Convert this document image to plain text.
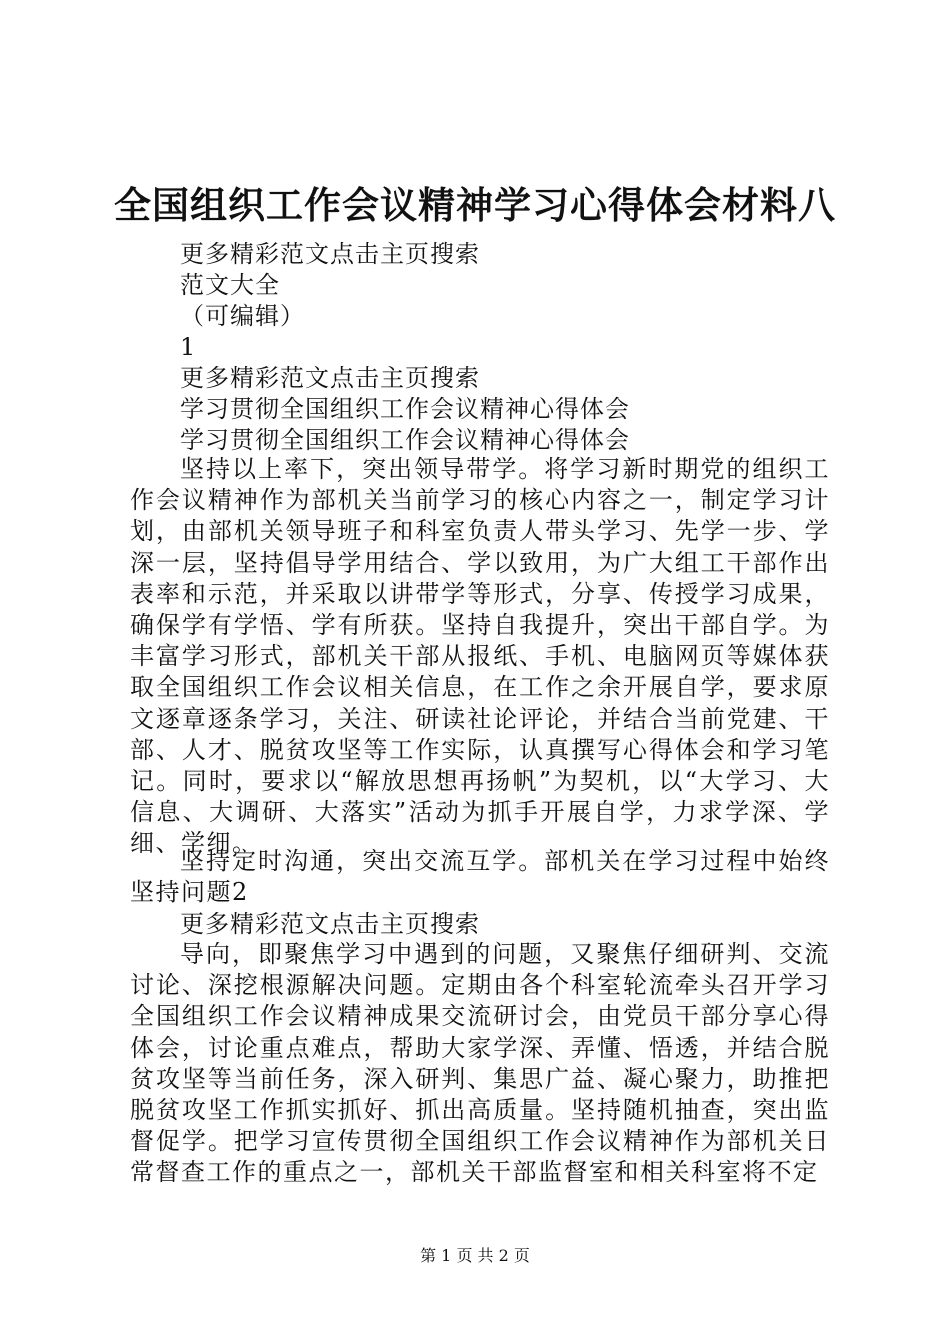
全国组织工作会议精神学习心得体会材料八

更多精彩范文点击主页搜索

范文大全

（可编辑）

1

更多精彩范文点击主页搜索

学习贯彻全国组织工作会议精神心得体会

学习贯彻全国组织工作会议精神心得体会

坚持以上率下，突出领导带学。将学习新时期党的组织工作会议精神作为部机关当前学习的核心内容之一，制定学习计划，由部机关领导班子和科室负责人带头学习、先学一步、学深一层，坚持倡导学用结合、学以致用，为广大组工干部作出表率和示范，并采取以讲带学等形式，分享、传授学习成果，确保学有学悟、学有所获。坚持自我提升，突出干部自学。为丰富学习形式，部机关干部从报纸、手机、电脑网页等媒体获取全国组织工作会议相关信息，在工作之余开展自学，要求原文逐章逐条学习，关注、研读社论评论，并结合当前党建、干部、人才、脱贫攻坚等工作实际，认真撰写心得体会和学习笔记。同时，要求以“解放思想再扬帆”为契机，以“大学习、大信息、大调研、大落实”活动为抓手开展自学，力求学深、学细、学细。

坚持定时沟通，突出交流互学。部机关在学习过程中始终坚持问题2

更多精彩范文点击主页搜索

导向，即聚焦学习中遇到的问题，又聚焦仔细研判、交流讨论、深挖根源解决问题。定期由各个科室轮流牵头召开学习全国组织工作会议精神成果交流研讨会，由党员干部分享心得体会，讨论重点难点，帮助大家学深、弄懂、悟透，并结合脱贫攻坚等当前任务，深入研判、集思广益、凝心聚力，助推把脱贫攻坚工作抓实抓好、抓出高质量。坚持随机抽查，突出监督促学。把学习宣传贯彻全国组织工作会议精神作为部机关日常督查工作的重点之一，部机关干部监督室和相关科室将不定

第 1 页 共 2 页
